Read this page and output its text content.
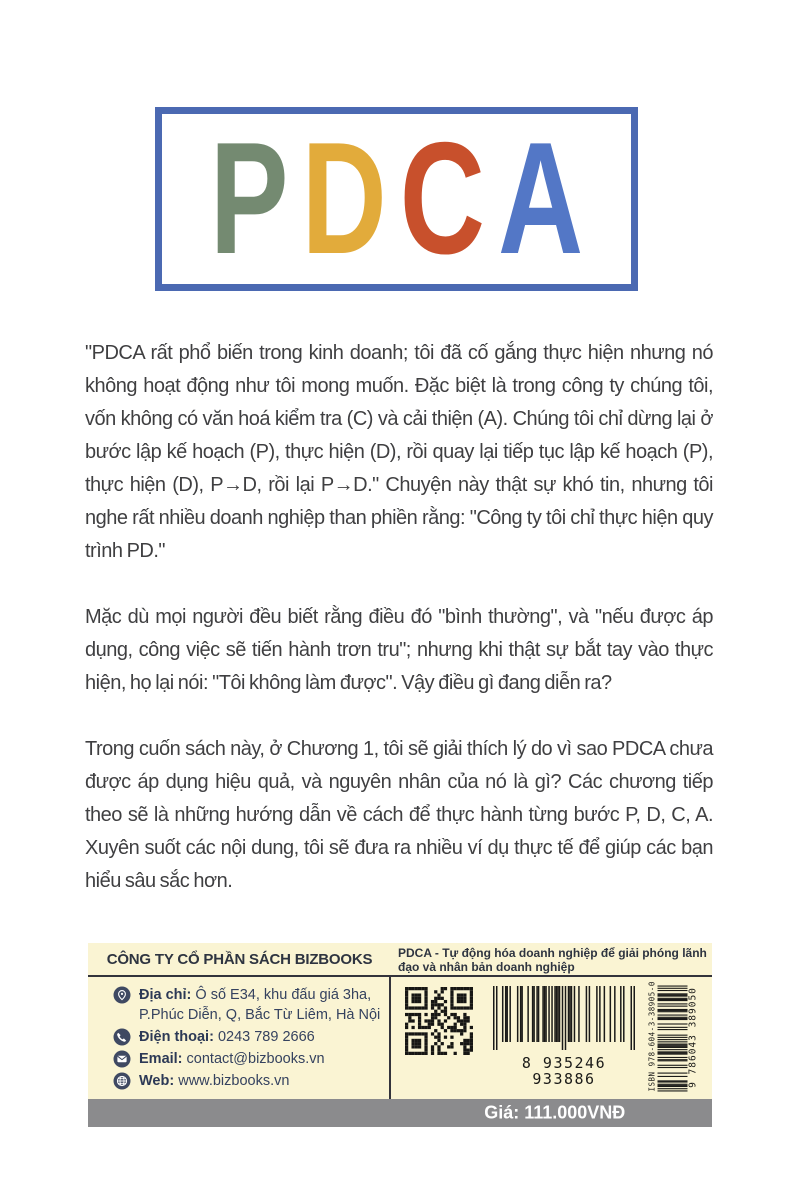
P D C A

"PDCA rất phổ biến trong kinh doanh; tôi đã cố gắng thực hiện nhưng nó không hoạt động như tôi mong muốn. Đặc biệt là trong công ty chúng tôi, vốn không có văn hoá kiểm tra (C) và cải thiện (A). Chúng tôi chỉ dừng lại ở bước lập kế hoạch (P), thực hiện (D), rồi quay lại tiếp tục lập kế hoạch (P), thực hiện (D), P→D, rồi lại P→D." Chuyện này thật sự khó tin, nhưng tôi nghe rất nhiều doanh nghiệp than phiền rằng: "Công ty tôi chỉ thực hiện quy trình PD."

Mặc dù mọi người đều biết rằng điều đó "bình thường", và "nếu được áp dụng, công việc sẽ tiến hành trơn tru"; nhưng khi thật sự bắt tay vào thực hiện, họ lại nói: "Tôi không làm được". Vậy điều gì đang diễn ra?

Trong cuốn sách này, ở Chương 1, tôi sẽ giải thích lý do vì sao PDCA chưa được áp dụng hiệu quả, và nguyên nhân của nó là gì? Các chương tiếp theo sẽ là những hướng dẫn về cách để thực hành từng bước P, D, C, A. Xuyên suốt các nội dung, tôi sẽ đưa ra nhiều ví dụ thực tế để giúp các bạn hiểu sâu sắc hơn.

CÔNG TY CỔ PHẦN SÁCH BIZBOOKS	PDCA - Tự động hóa doanh nghiệp để giải phóng lãnh đạo và nhân bản doanh nghiệp
Địa chỉ: Ô số E34, khu đấu giá 3ha,
P.Phúc Diễn, Q, Bắc Từ Liêm, Hà Nội
Điện thoại: 0243 789 2666
Email: contact@bizbooks.vn
Web: www.bizbooks.vn
8 935246 933886	ISBN 978-604-3-38905-0	9 786043 389050
Giá: 111.000VNĐ
